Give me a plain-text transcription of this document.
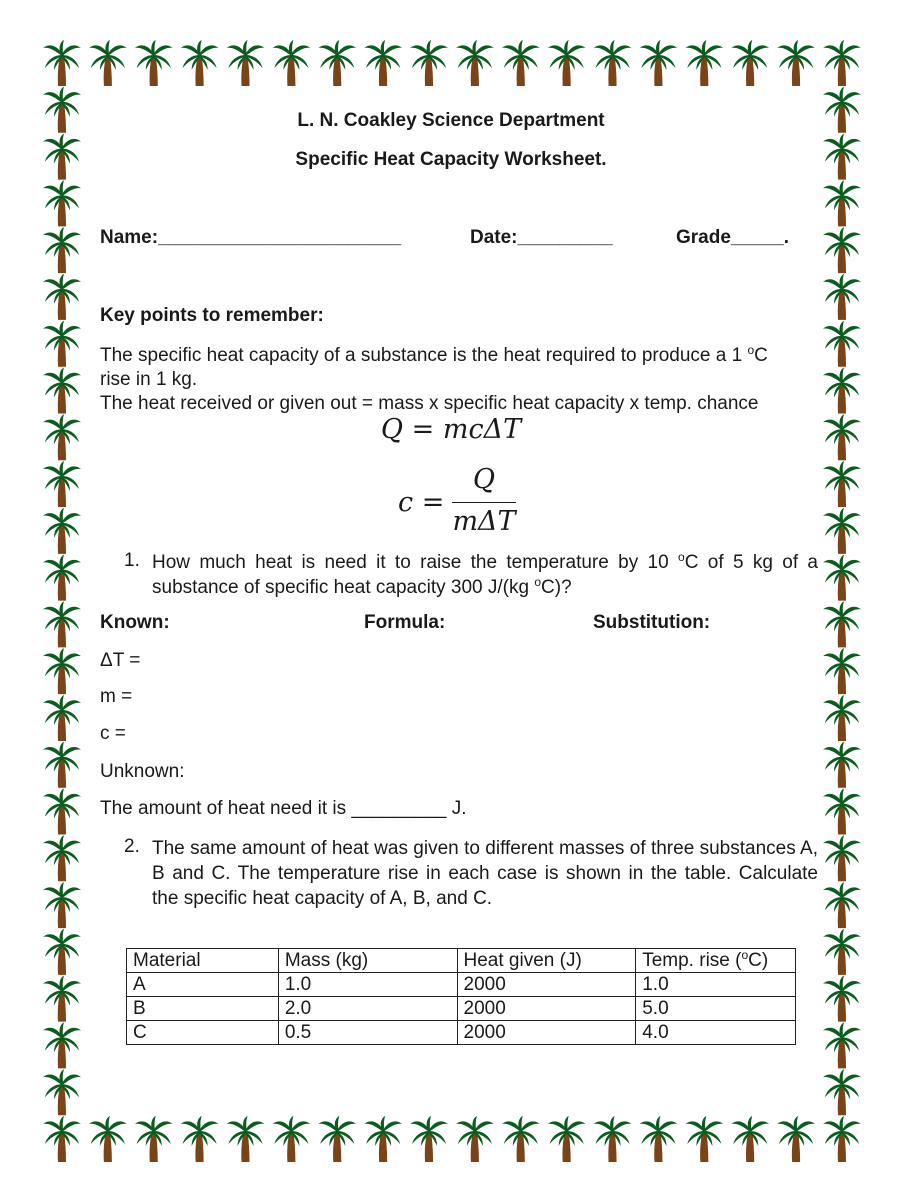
L. N. Coakley Science Department
Specific Heat Capacity Worksheet.
Name:_______________________	Date:_________	Grade_____.
Key points to remember:
The specific heat capacity of a substance is the heat required to produce a 1 $^o$C
rise in 1 kg.
The heat received or given out = mass x specific heat capacity x temp. chance
Q = mcΔT
c =
Q
mΔT
1. How much heat is need it to raise the temperature by 10 $^o$C of 5 kg of a substance of specific heat capacity 300 J/(kg $^o$C)?
Known:	Formula:	Substitution:
ΔT =
m =
c =
Unknown:
The amount of heat need it is _________ J.
2. The same amount of heat was given to different masses of three substances A, B and C. The temperature rise in each case is shown in the table. Calculate the specific heat capacity of A, B, and C.
Material	Mass (kg)	Heat given (J)	Temp. rise ($^o$C)
A	1.0	2000	1.0
B	2.0	2000	5.0
C	0.5	2000	4.0
